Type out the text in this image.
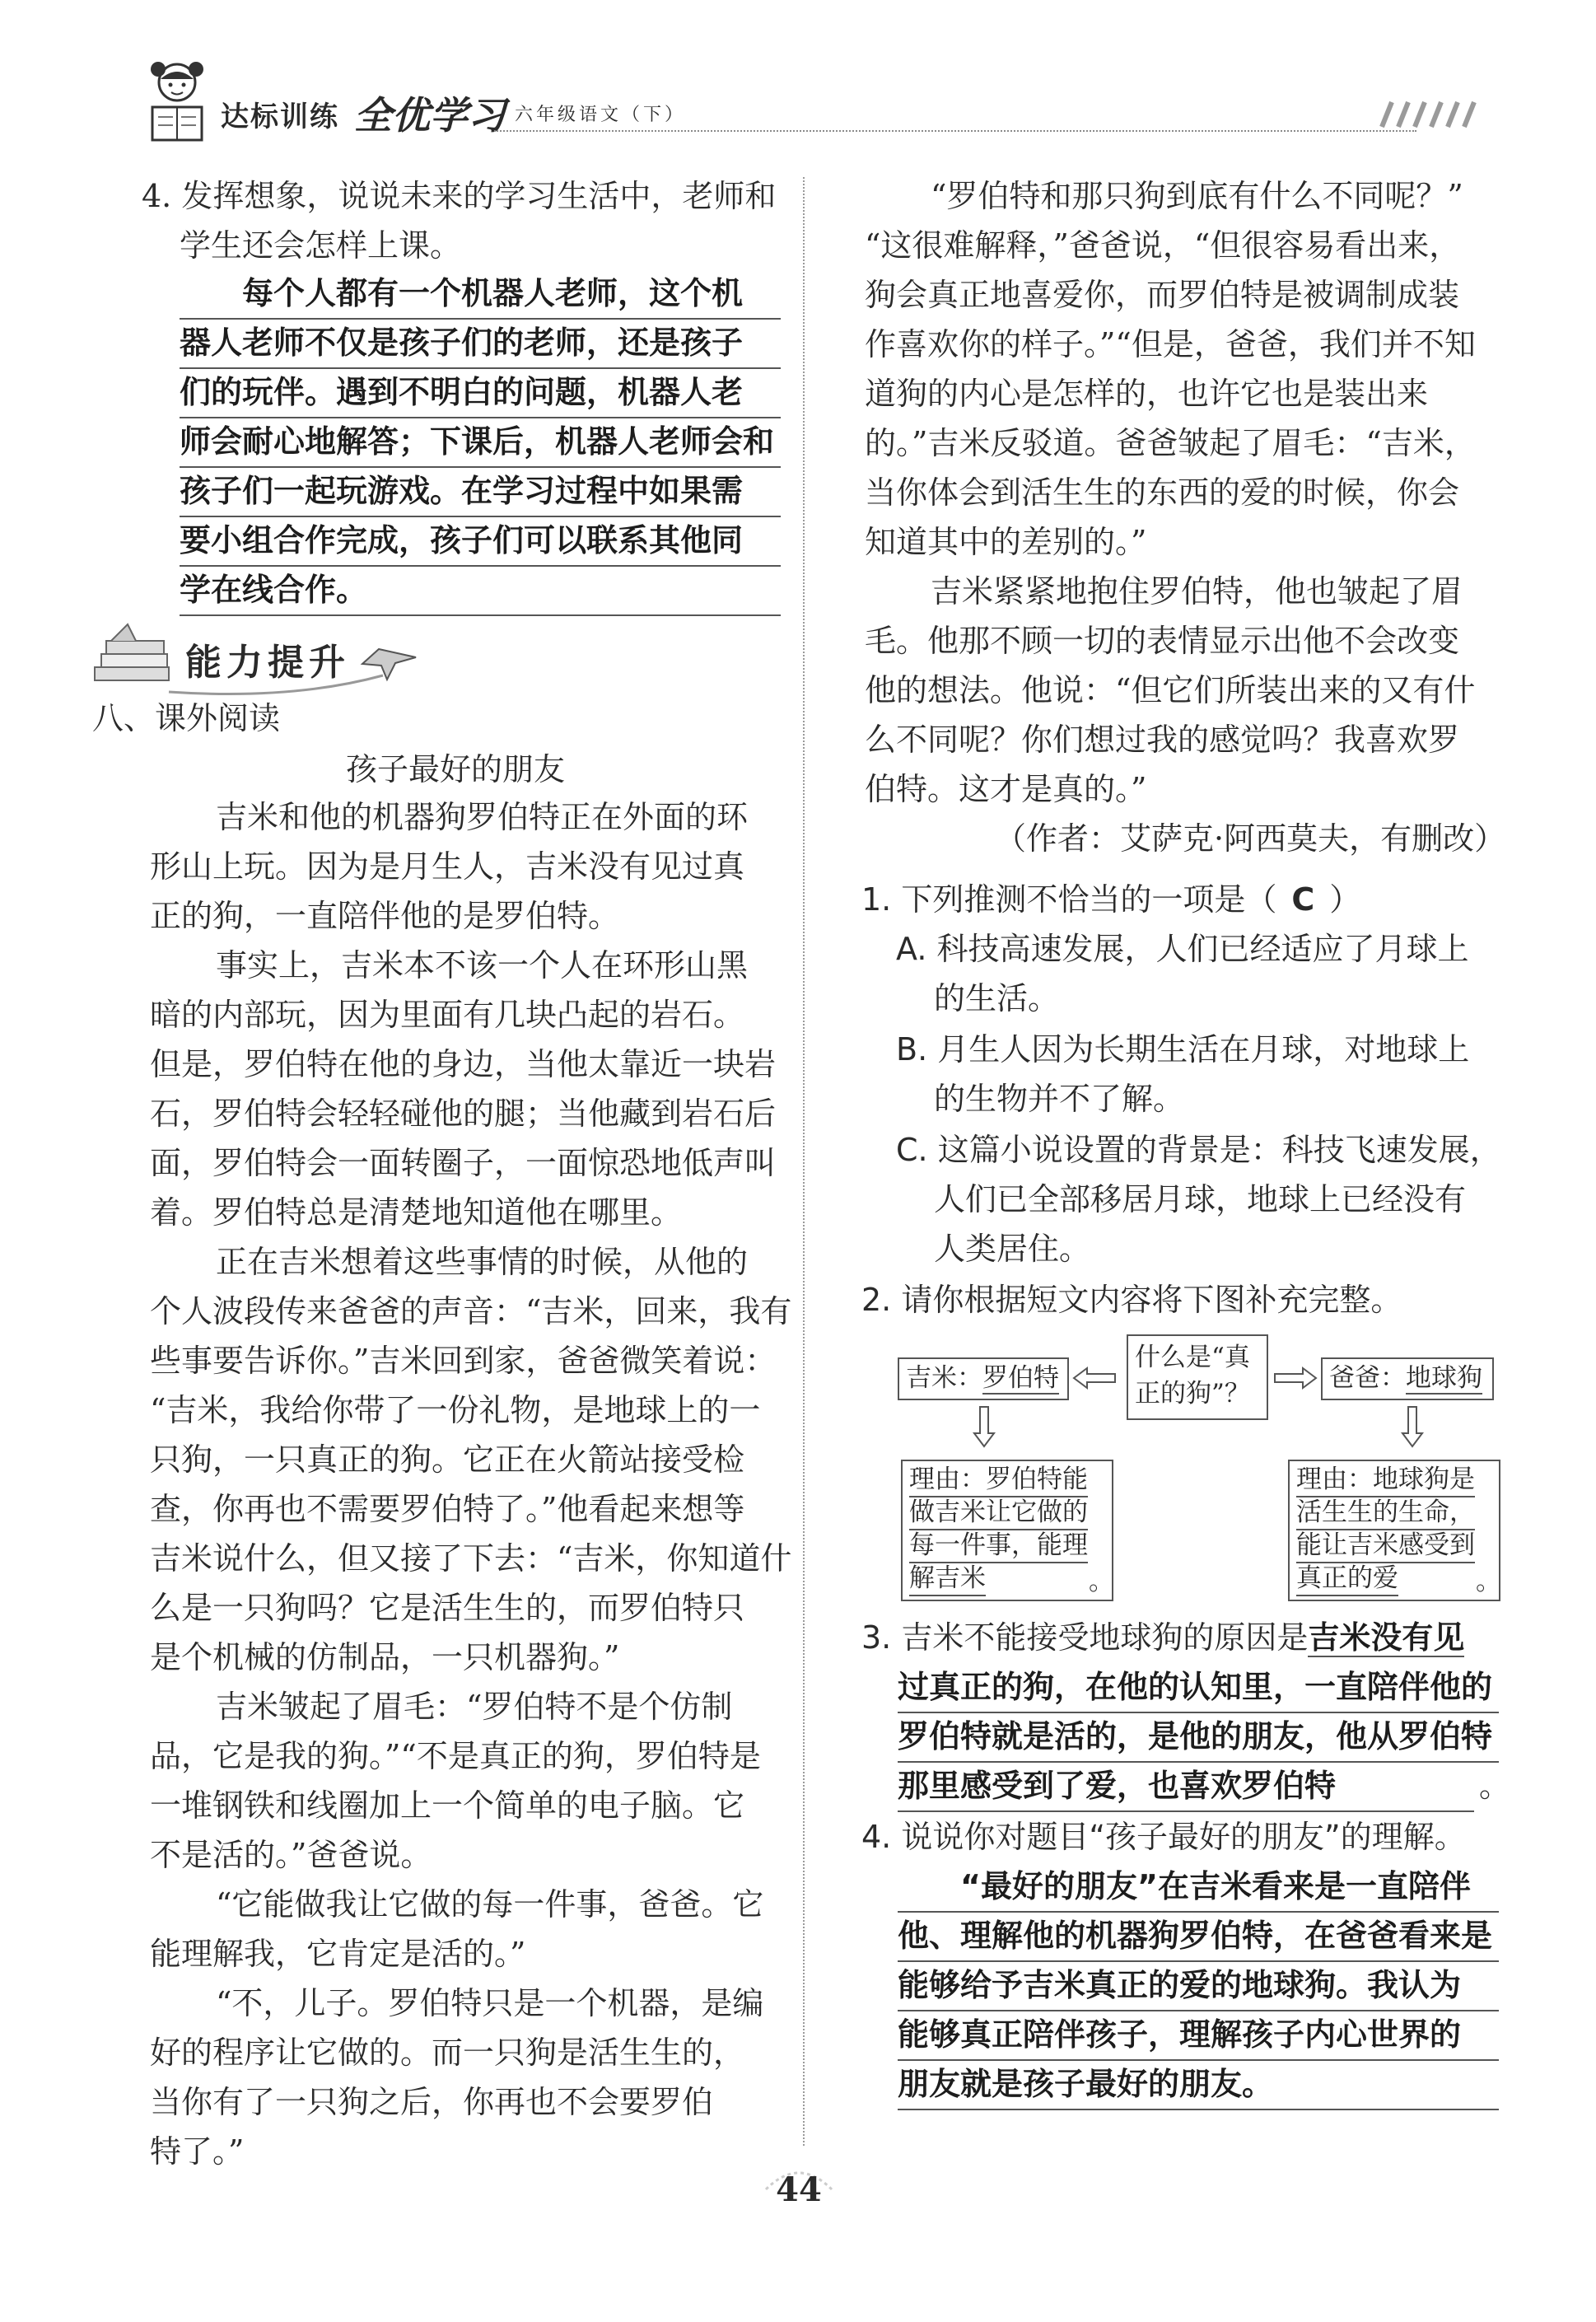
达标训练 全优学习 六年级语文（下）
4. 发挥想象，说说未来的学习生活中，老师和
学生还会怎样上课。
每个人都有一个机器人老师，这个机
器人老师不仅是孩子们的老师，还是孩子
们的玩伴。遇到不明白的问题，机器人老
师会耐心地解答；下课后，机器人老师会和
孩子们一起玩游戏。在学习过程中如果需
要小组合作完成，孩子们可以联系其他同
学在线合作。
能力提升
八、课外阅读
孩子最好的朋友
吉米和他的机器狗罗伯特正在外面的环
形山上玩。因为是月生人，吉米没有见过真
正的狗，一直陪伴他的是罗伯特。
事实上，吉米本不该一个人在环形山黑
暗的内部玩，因为里面有几块凸起的岩石。
但是，罗伯特在他的身边，当他太靠近一块岩
石，罗伯特会轻轻碰他的腿；当他藏到岩石后
面，罗伯特会一面转圈子，一面惊恐地低声叫
着。罗伯特总是清楚地知道他在哪里。
正在吉米想着这些事情的时候，从他的
个人波段传来爸爸的声音：“吉米，回来，我有
些事要告诉你。”吉米回到家，爸爸微笑着说：
“吉米，我给你带了一份礼物，是地球上的一
只狗，一只真正的狗。它正在火箭站接受检
查，你再也不需要罗伯特了。”他看起来想等
吉米说什么，但又接了下去：“吉米，你知道什
么是一只狗吗？它是活生生的，而罗伯特只
是个机械的仿制品，一只机器狗。”
吉米皱起了眉毛：“罗伯特不是个仿制
品，它是我的狗。”“不是真正的狗，罗伯特是
一堆钢铁和线圈加上一个简单的电子脑。它
不是活的。”爸爸说。
“它能做我让它做的每一件事，爸爸。它
能理解我，它肯定是活的。”
“不，儿子。罗伯特只是一个机器，是编
好的程序让它做的。而一只狗是活生生的，
当你有了一只狗之后，你再也不会要罗伯
特了。”
“罗伯特和那只狗到底有什么不同呢？”
“这很难解释，”爸爸说，“但很容易看出来，
狗会真正地喜爱你，而罗伯特是被调制成装
作喜欢你的样子。”“但是，爸爸，我们并不知
道狗的内心是怎样的，也许它也是装出来
的。”吉米反驳道。爸爸皱起了眉毛：“吉米，
当你体会到活生生的东西的爱的时候，你会
知道其中的差别的。”
吉米紧紧地抱住罗伯特，他也皱起了眉
毛。他那不顾一切的表情显示出他不会改变
他的想法。他说：“但它们所装出来的又有什
么不同呢？你们想过我的感觉吗？我喜欢罗
伯特。这才是真的。”
（作者：艾萨克·阿西莫夫，有删改）
1. 下列推测不恰当的一项是（ C ）
A. 科技高速发展，人们已经适应了月球上
的生活。
B. 月生人因为长期生活在月球，对地球上
的生物并不了解。
C. 这篇小说设置的背景是：科技飞速发展，
人们已全部移居月球，地球上已经没有
人类居住。
2. 请你根据短文内容将下图补充完整。
吉米：罗伯特
什么是“真
正的狗”？
爸爸：地球狗
理由：罗伯特能
做吉米让它做的
每一件事，能理
解吉米	。
理由：地球狗是
活生生的生命，
能让吉米感受到
真正的爱	。
3. 吉米不能接受地球狗的原因是吉米没有见
过真正的狗，在他的认知里，一直陪伴他的
罗伯特就是活的，是他的朋友，他从罗伯特
那里感受到了爱，也喜欢罗伯特	。
4. 说说你对题目“孩子最好的朋友”的理解。
“最好的朋友”在吉米看来是一直陪伴
他、理解他的机器狗罗伯特，在爸爸看来是
能够给予吉米真正的爱的地球狗。我认为
能够真正陪伴孩子，理解孩子内心世界的
朋友就是孩子最好的朋友。
44
